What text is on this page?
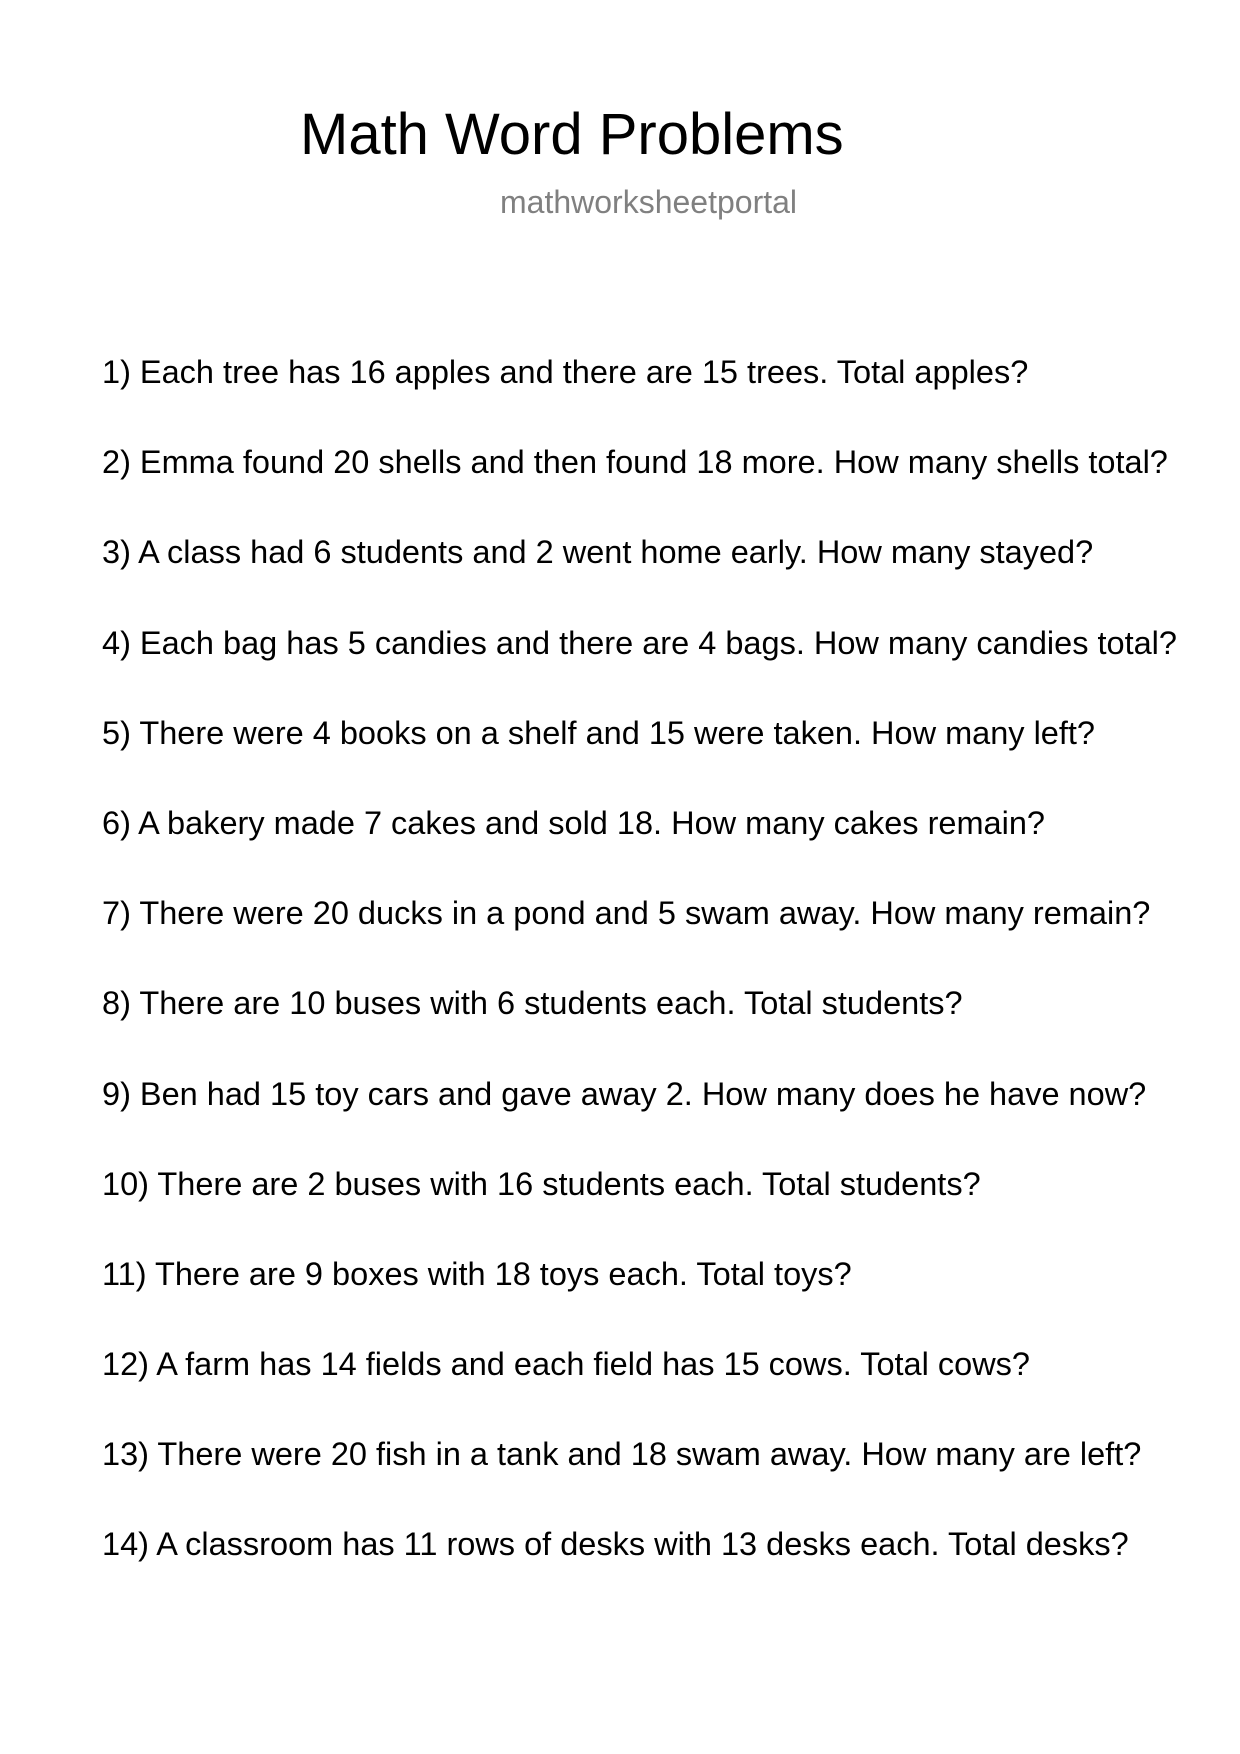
Math Word Problems
mathworksheetportal
1) Each tree has 16 apples and there are 15 trees. Total apples?
2) Emma found 20 shells and then found 18 more. How many shells total?
3) A class had 6 students and 2 went home early. How many stayed?
4) Each bag has 5 candies and there are 4 bags. How many candies total?
5) There were 4 books on a shelf and 15 were taken. How many left?
6) A bakery made 7 cakes and sold 18. How many cakes remain?
7) There were 20 ducks in a pond and 5 swam away. How many remain?
8) There are 10 buses with 6 students each. Total students?
9) Ben had 15 toy cars and gave away 2. How many does he have now?
10) There are 2 buses with 16 students each. Total students?
11) There are 9 boxes with 18 toys each. Total toys?
12) A farm has 14 fields and each field has 15 cows. Total cows?
13) There were 20 fish in a tank and 18 swam away. How many are left?
14) A classroom has 11 rows of desks with 13 desks each. Total desks?
